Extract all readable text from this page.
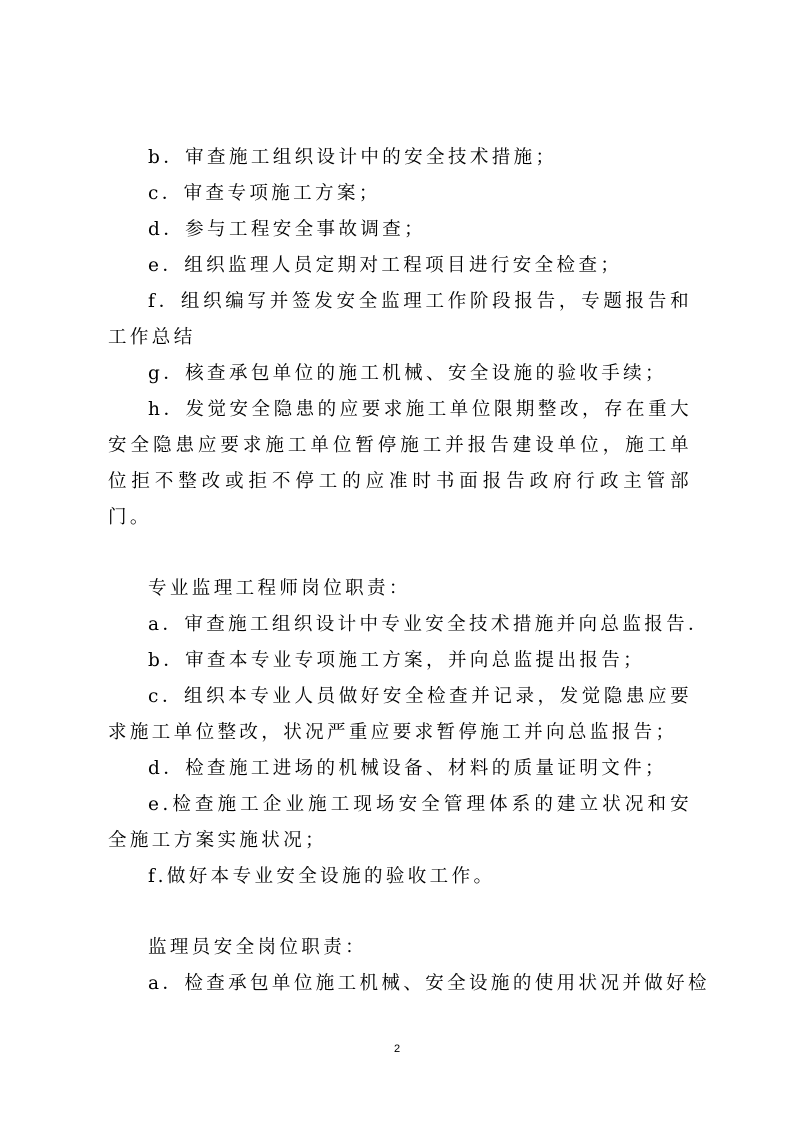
b．审查施工组织设计中的安全技术措施；

c．审查专项施工方案；

d．参与工程安全事故调查；

e．组织监理人员定期对工程项目进行安全检查；

f．组织编写并签发安全监理工作阶段报告，专题报告和工作总结

g．核查承包单位的施工机械、安全设施的验收手续；

h．发觉安全隐患的应要求施工单位限期整改，存在重大安全隐患应要求施工单位暂停施工并报告建设单位，施工单位拒不整改或拒不停工的应准时书面报告政府行政主管部门。

专业监理工程师岗位职责：

a．审查施工组织设计中专业安全技术措施并向总监报告．

b．审查本专业专项施工方案，并向总监提出报告；

c．组织本专业人员做好安全检查并记录，发觉隐患应要求施工单位整改，状况严重应要求暂停施工并向总监报告；

d．检查施工进场的机械设备、材料的质量证明文件；

e.检查施工企业施工现场安全管理体系的建立状况和安全施工方案实施状况；

f.做好本专业安全设施的验收工作。

监理员安全岗位职责：

a．检查承包单位施工机械、安全设施的使用状况并做好检

2
